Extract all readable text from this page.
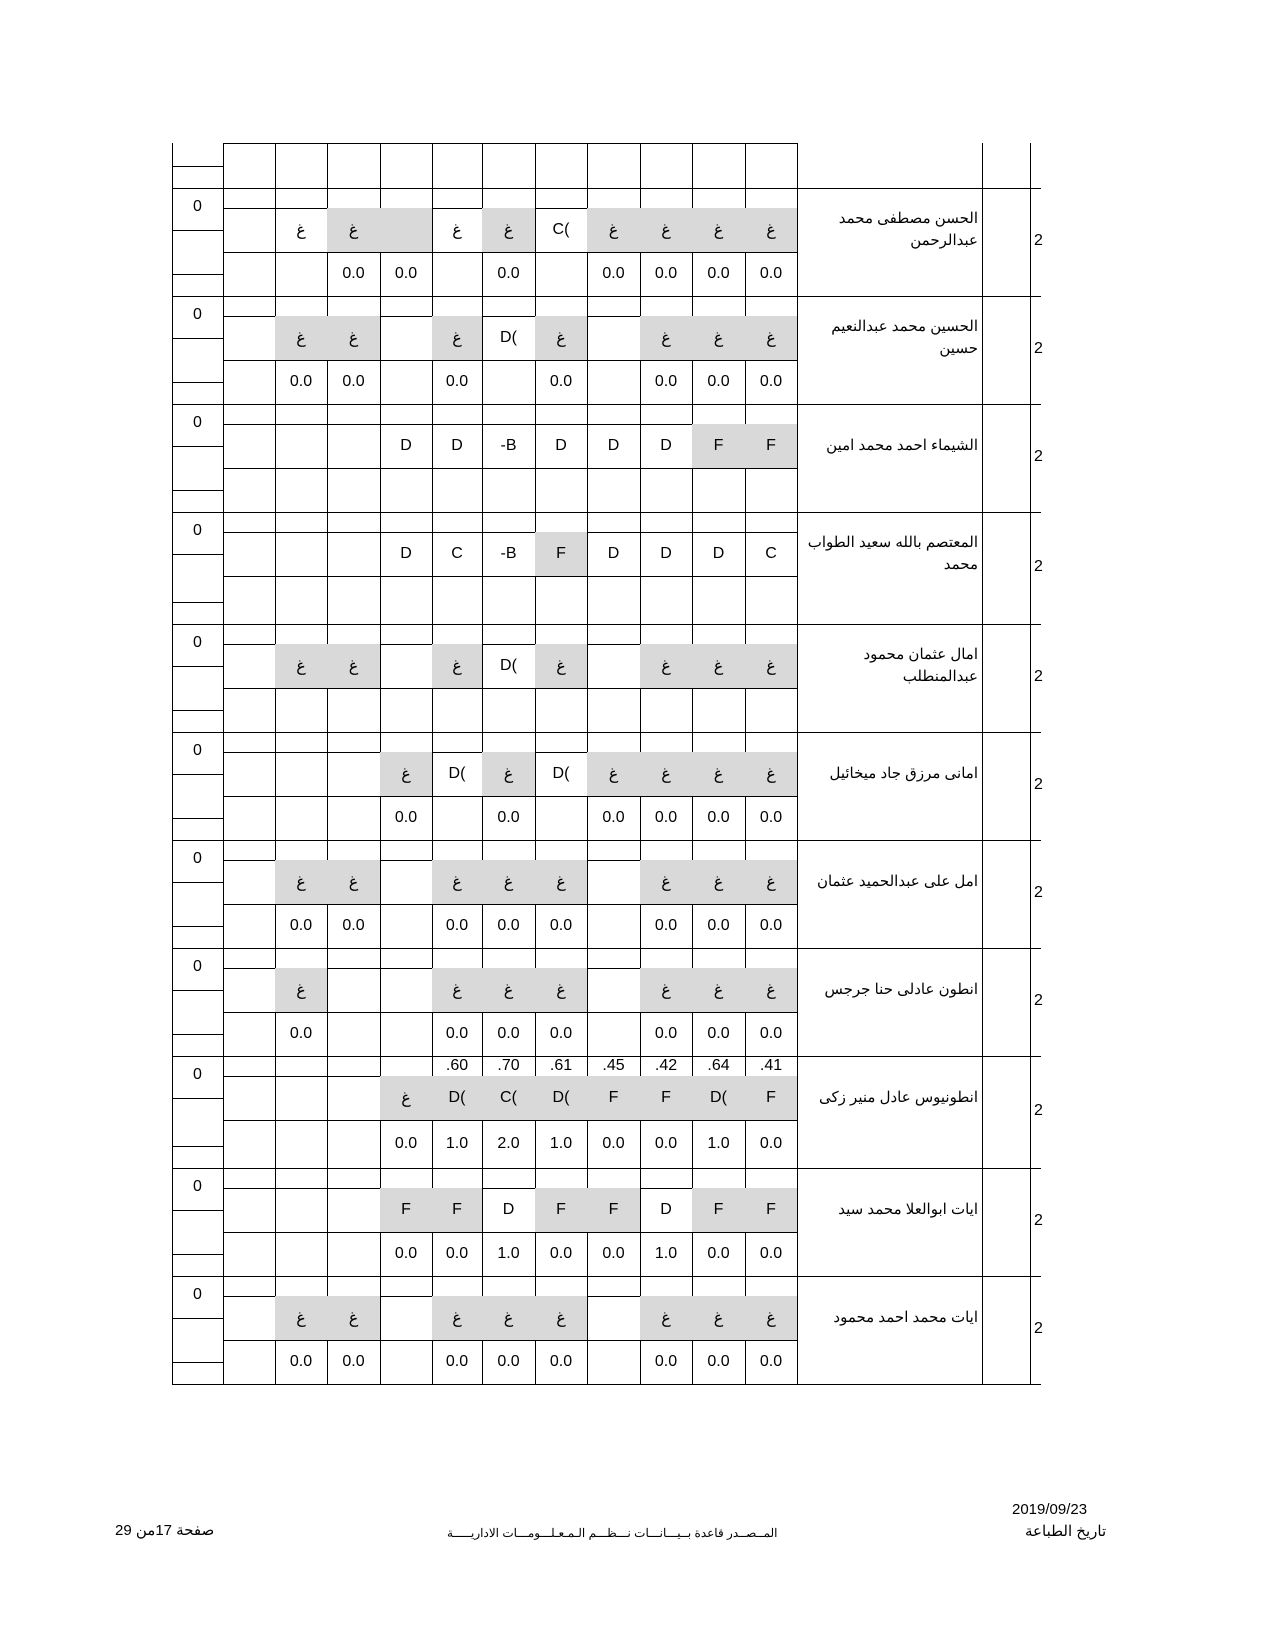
0
2
الحسن مصطفى محمد
عبدالرحمن
غ
غ
غ
غ
C(
غ
غ
غ
غ
0.0
0.0
0.0
0.0
0.0
0.0
0.0
0
2
الحسين محمد عبدالنعيم حسين
غ
غ
غ
غ
D(
غ
غ
غ
0.0
0.0
0.0
0.0
0.0
0.0
0.0
0
2
الشيماء احمد محمد امين
F
F
D
D
D
-B
D
D
0
2
المعتصم بالله سعيد الطواب
محمد
C
D
D
D
F
-B
C
D
0
2
امال عثمان محمود عبدالمنطلب
غ
غ
غ
غ
D(
غ
غ
غ
0
2
امانى مرزق جاد ميخائيل
غ
غ
غ
غ
D(
غ
D(
غ
0.0
0.0
0.0
0.0
0.0
0.0
0
2
امل على عبدالحميد عثمان
غ
غ
غ
غ
غ
غ
غ
غ
0.0
0.0
0.0
0.0
0.0
0.0
0.0
0.0
0
2
انطون عادلى حنا جرجس
غ
غ
غ
غ
غ
غ
غ
0.0
0.0
0.0
0.0
0.0
0.0
0.0
0
2
انطونيوس عادل منير زكى
.41
.64
.42
.45
.61
.70
.60
F
D(
F
F
D(
C(
D(
غ
0.0
1.0
0.0
0.0
1.0
2.0
1.0
0.0
0
2
ايات ابوالعلا محمد سيد
F
F
D
F
F
D
F
F
0.0
0.0
1.0
0.0
0.0
1.0
0.0
0.0
0
2
ايات محمد احمد محمود
غ
غ
غ
غ
غ
غ
غ
غ
0.0
0.0
0.0
0.0
0.0
0.0
0.0
0.0
2019/09/23
تاريخ الطباعة
المــصــدر قاعدة بــيـــانـــات نـــظـــم الـمـعـلـــومـــات الاداريـــــة
صفحة 17من 29
